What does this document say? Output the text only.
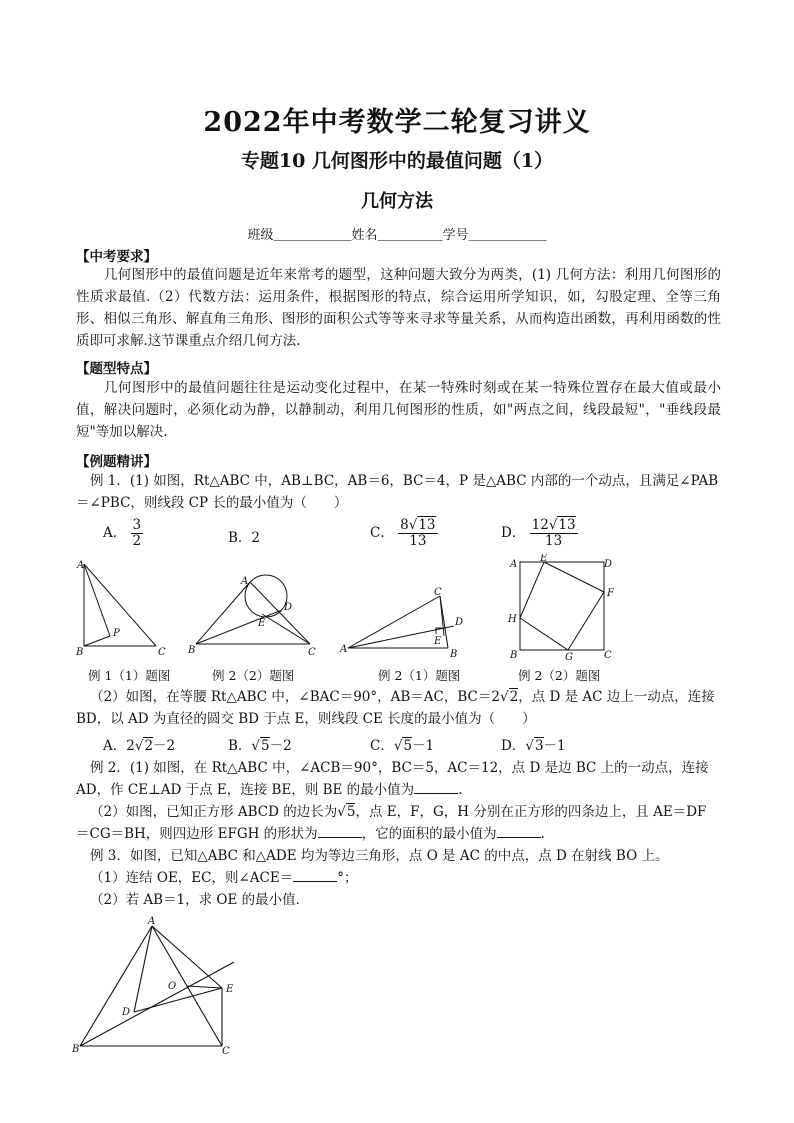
2022年中考数学二轮复习讲义
专题10 几何图形中的最值问题（1）
几何方法
班级＿＿＿＿＿＿姓名＿＿＿＿＿学号＿＿＿＿＿＿
【中考要求】
几何图形中的最值问题是近年来常考的题型，这种问题大致分为两类，(1) 几何方法：利用几何图形的性质求最值.（2）代数方法：运用条件，根据图形的特点，综合运用所学知识，如，勾股定理、全等三角形、相似三角形、解直角三角形、图形的面积公式等等来寻求等量关系，从而构造出函数，再利用函数的性质即可求解.这节课重点介绍几何方法.
【题型特点】
几何图形中的最值问题往往是运动变化过程中，在某一特殊时刻或在某一特殊位置存在最大值或最小值，解决问题时，必须化动为静，以静制动，利用几何图形的性质，如"两点之间，线段最短"，"垂线段最短"等加以解决.
【例题精讲】
例 1．(1) 如图，Rt△ABC 中，AB⊥BC，AB＝6，BC＝4，P 是△ABC 内部的一个动点，且满足∠PAB
＝∠PBC，则线段 CP 长的最小值为（　　）
A． $\frac{3}{2}$	B．2	C． $\frac{8√13}{13}$	D． $\frac{12√13}{13}$
A
B	C
P
A
B	C
D
E
A	B
C
D
E
A
B	C
D
E
F
G
H
例 1（1）题图	例 2（2）题图	例 2（1）题图	例 2（2）题图
（2）如图，在等腰 Rt△ABC 中，∠BAC＝90°，AB＝AC，BC＝2√2，点 D 是 AC 边上一动点，连接
BD，以 AD 为直径的圆交 BD 于点 E，则线段 CE 长度的最小值为（　　）
A．2√2－2	B．√5－2	C．√5－1	D．√3－1
例 2．(1) 如图，在 Rt△ABC 中，∠ACB＝90°，BC＝5，AC＝12，点 D 是边 BC 上的一动点，连接
AD，作 CE⊥AD 于点 E，连接 BE，则 BE 的最小值为	.
（2）如图，已知正方形 ABCD 的边长为√5，点 E，F，G，H 分别在正方形的四条边上，且 AE＝DF
＝CG＝BH，则四边形 EFGH 的形状为	，它的面积的最小值为	.
例 3．如图，已知△ABC 和△ADE 均为等边三角形，点 O 是 AC 的中点，点 D 在射线 BO 上。
（1）连结 OE，EC，则∠ACE＝	°；
（2）若 AB＝1，求 OE 的最小值．
A
B	C
D
E
O
